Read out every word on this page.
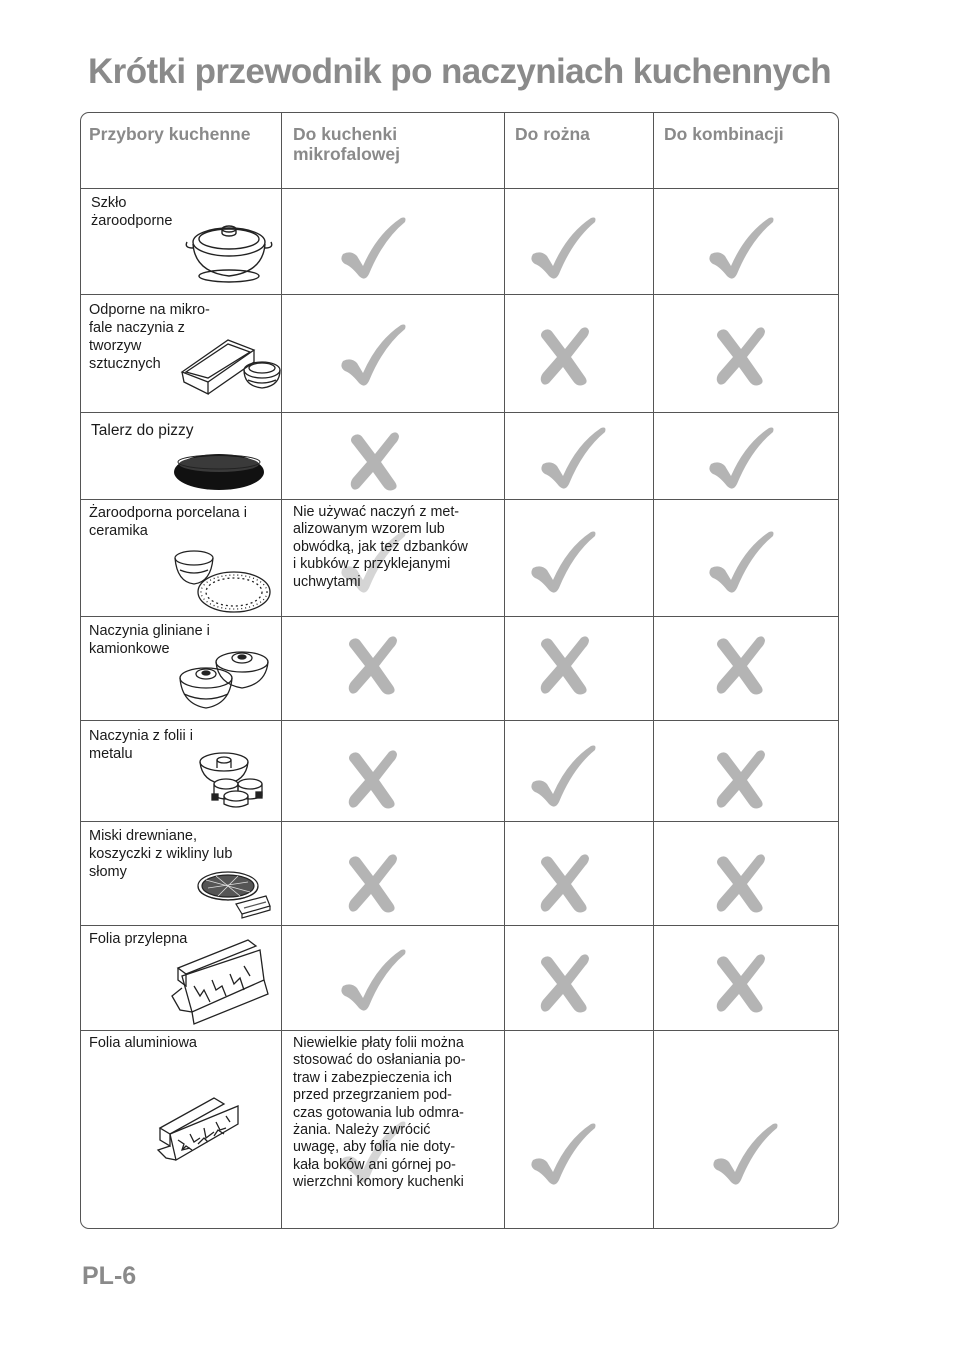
Krótki przewodnik po naczyniach kuchennych
Przybory kuchenne Do kuchenki
mikrofalowej
Do rożna	Do kombinacji
Szkło
żaroodporne
Odporne na mikro-
fale naczynia z
tworzyw
sztucznych
Talerz do pizzy
Żaroodporna porcelana i
ceramika
Naczynia gliniane i
kamionkowe
Naczynia z folii i
metalu
Miski drewniane,
koszyczki z wikliny lub
słomy
Folia przylepna
Folia aluminiowa
Nie używać naczyń z met-
alizowanym wzorem lub
obwódką, jak też dzbanków
i kubków z przyklejanymi
uchwytami
Niewielkie płaty folii można
stosować do osłaniania po-
traw i zabezpieczenia ich
przed przegrzaniem pod-
czas gotowania lub odmra-
żania. Należy zwrócić
uwagę, aby folia nie doty-
kała boków ani górnej po-
wierzchni komory kuchenki
PL-6
